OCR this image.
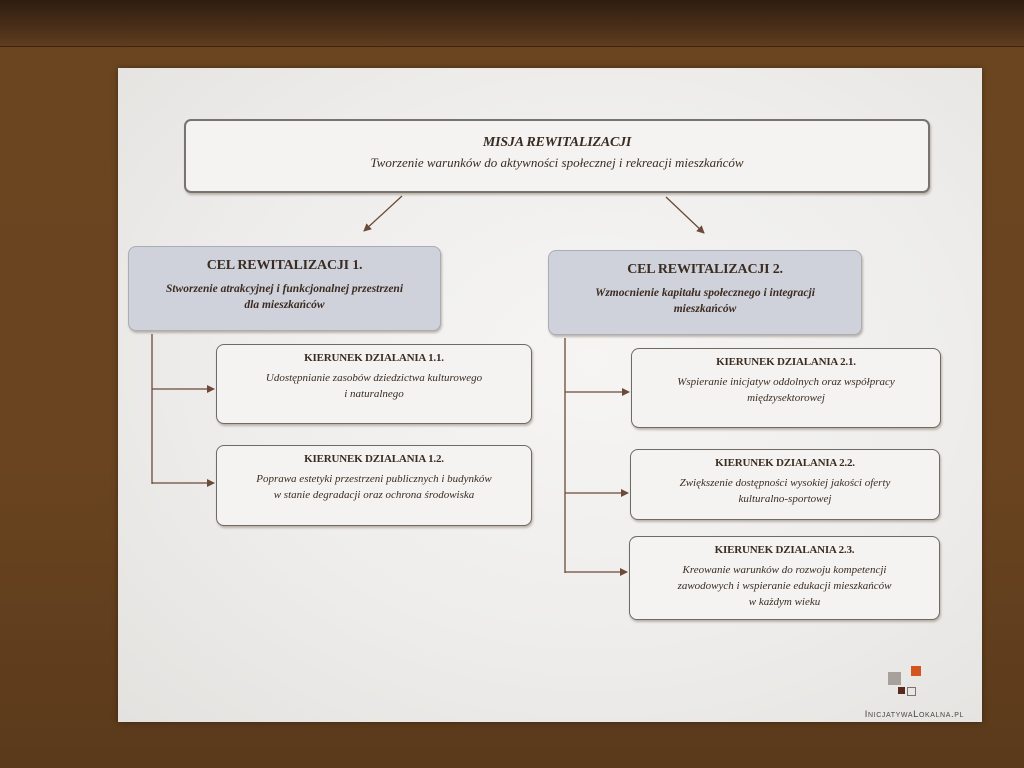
MISJA REWITALIZACJI
Tworzenie warunków do aktywności społecznej i rekreacji mieszkańców
CEL REWITALIZACJI 1.
Stworzenie atrakcyjnej i funkcjonalnej przestrzeni
dla mieszkańców
CEL REWITALIZACJI 2.
Wzmocnienie kapitału społecznego i integracji
mieszkańców
KIERUNEK DZIALANIA 1.1.
Udostępnianie zasobów dziedzictwa kulturowego
i naturalnego
KIERUNEK DZIALANIA 1.2.
Poprawa estetyki przestrzeni publicznych i budynków
w stanie degradacji oraz ochrona środowiska
KIERUNEK DZIALANIA 2.1.
Wspieranie inicjatyw oddolnych oraz współpracy
międzysektorowej
KIERUNEK DZIALANIA 2.2.
Zwiększenie dostępności wysokiej jakości oferty
kulturalno-sportowej
KIERUNEK DZIALANIA 2.3.
Kreowanie warunków do rozwoju kompetencji
zawodowych i wspieranie edukacji mieszkańców
w każdym wieku
InicjatywaLokalna.pl
